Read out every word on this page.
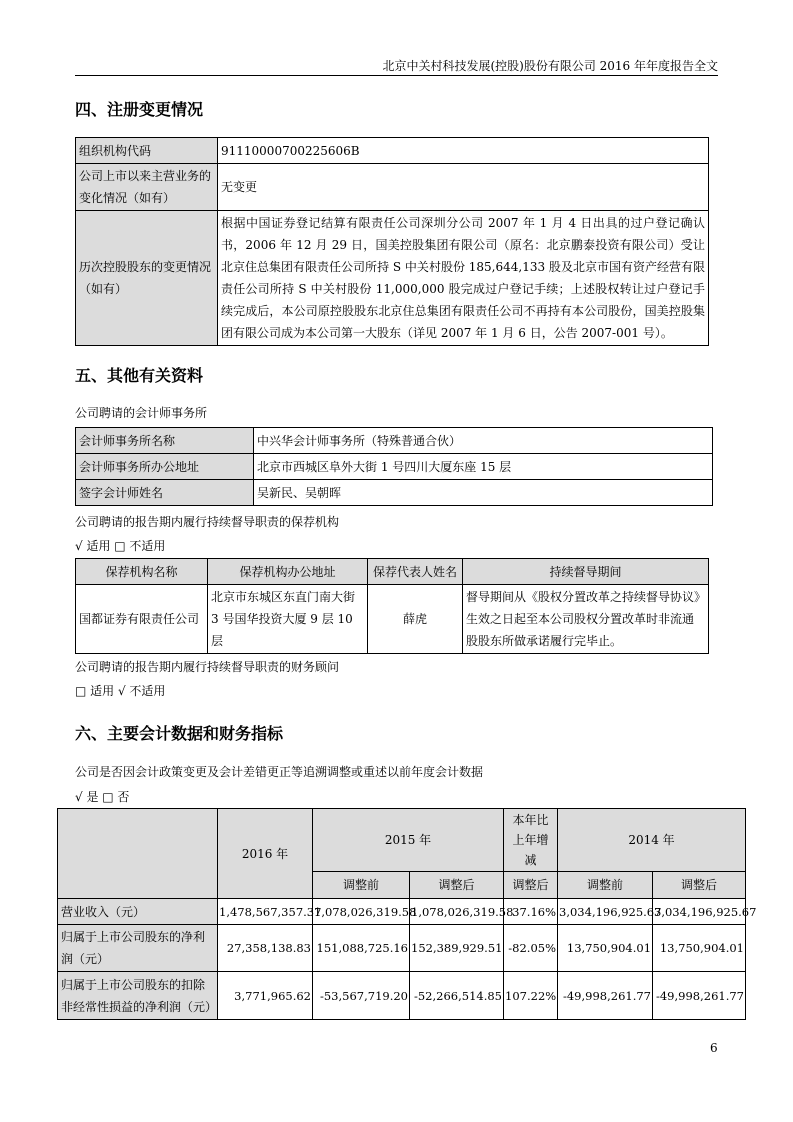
北京中关村科技发展(控股)股份有限公司 2016 年年度报告全文
四、注册变更情况
组织机构代码	91110000700225606B
公司上市以来主营业务的变化情况（如有）	无变更
历次控股股东的变更情况（如有）	根据中国证券登记结算有限责任公司深圳分公司 2007 年 1 月 4 日出具的过户登记确认书，2006 年 12 月 29 日，国美控股集团有限公司（原名：北京鹏泰投资有限公司）受让北京住总集团有限责任公司所持 S 中关村股份 185,644,133 股及北京市国有资产经营有限责任公司所持 S 中关村股份 11,000,000 股完成过户登记手续；上述股权转让过户登记手续完成后，本公司原控股股东北京住总集团有限责任公司不再持有本公司股份，国美控股集团有限公司成为本公司第一大股东（详见 2007 年 1 月 6 日，公告 2007-001 号）。
五、其他有关资料
公司聘请的会计师事务所
会计师事务所名称	中兴华会计师事务所（特殊普通合伙）
会计师事务所办公地址	北京市西城区阜外大街 1 号四川大厦东座 15 层
签字会计师姓名	吴新民、吴朝晖
公司聘请的报告期内履行持续督导职责的保荐机构
√ 适用 □ 不适用
保荐机构名称	保荐机构办公地址	保荐代表人姓名	持续督导期间
国都证券有限责任公司	北京市东城区东直门南大街 3 号国华投资大厦 9 层 10 层	薛虎	督导期间从《股权分置改革之持续督导协议》生效之日起至本公司股权分置改革时非流通股股东所做承诺履行完毕止。
公司聘请的报告期内履行持续督导职责的财务顾问
□ 适用 √ 不适用
六、主要会计数据和财务指标
公司是否因会计政策变更及会计差错更正等追溯调整或重述以前年度会计数据
√ 是 □ 否
	2016 年	2015 年		本年比上年增减	2014 年	
		调整前	调整后	调整后	调整前	调整后
营业收入（元）	1,478,567,357.37	1,078,026,319.58	1,078,026,319.58	37.16%	3,034,196,925.67	3,034,196,925.67
归属于上市公司股东的净利润（元）	27,358,138.83	151,088,725.16	152,389,929.51	-82.05%	13,750,904.01	13,750,904.01
归属于上市公司股东的扣除非经常性损益的净利润（元）	3,771,965.62	-53,567,719.20	-52,266,514.85	107.22%	-49,998,261.77	-49,998,261.77
6
